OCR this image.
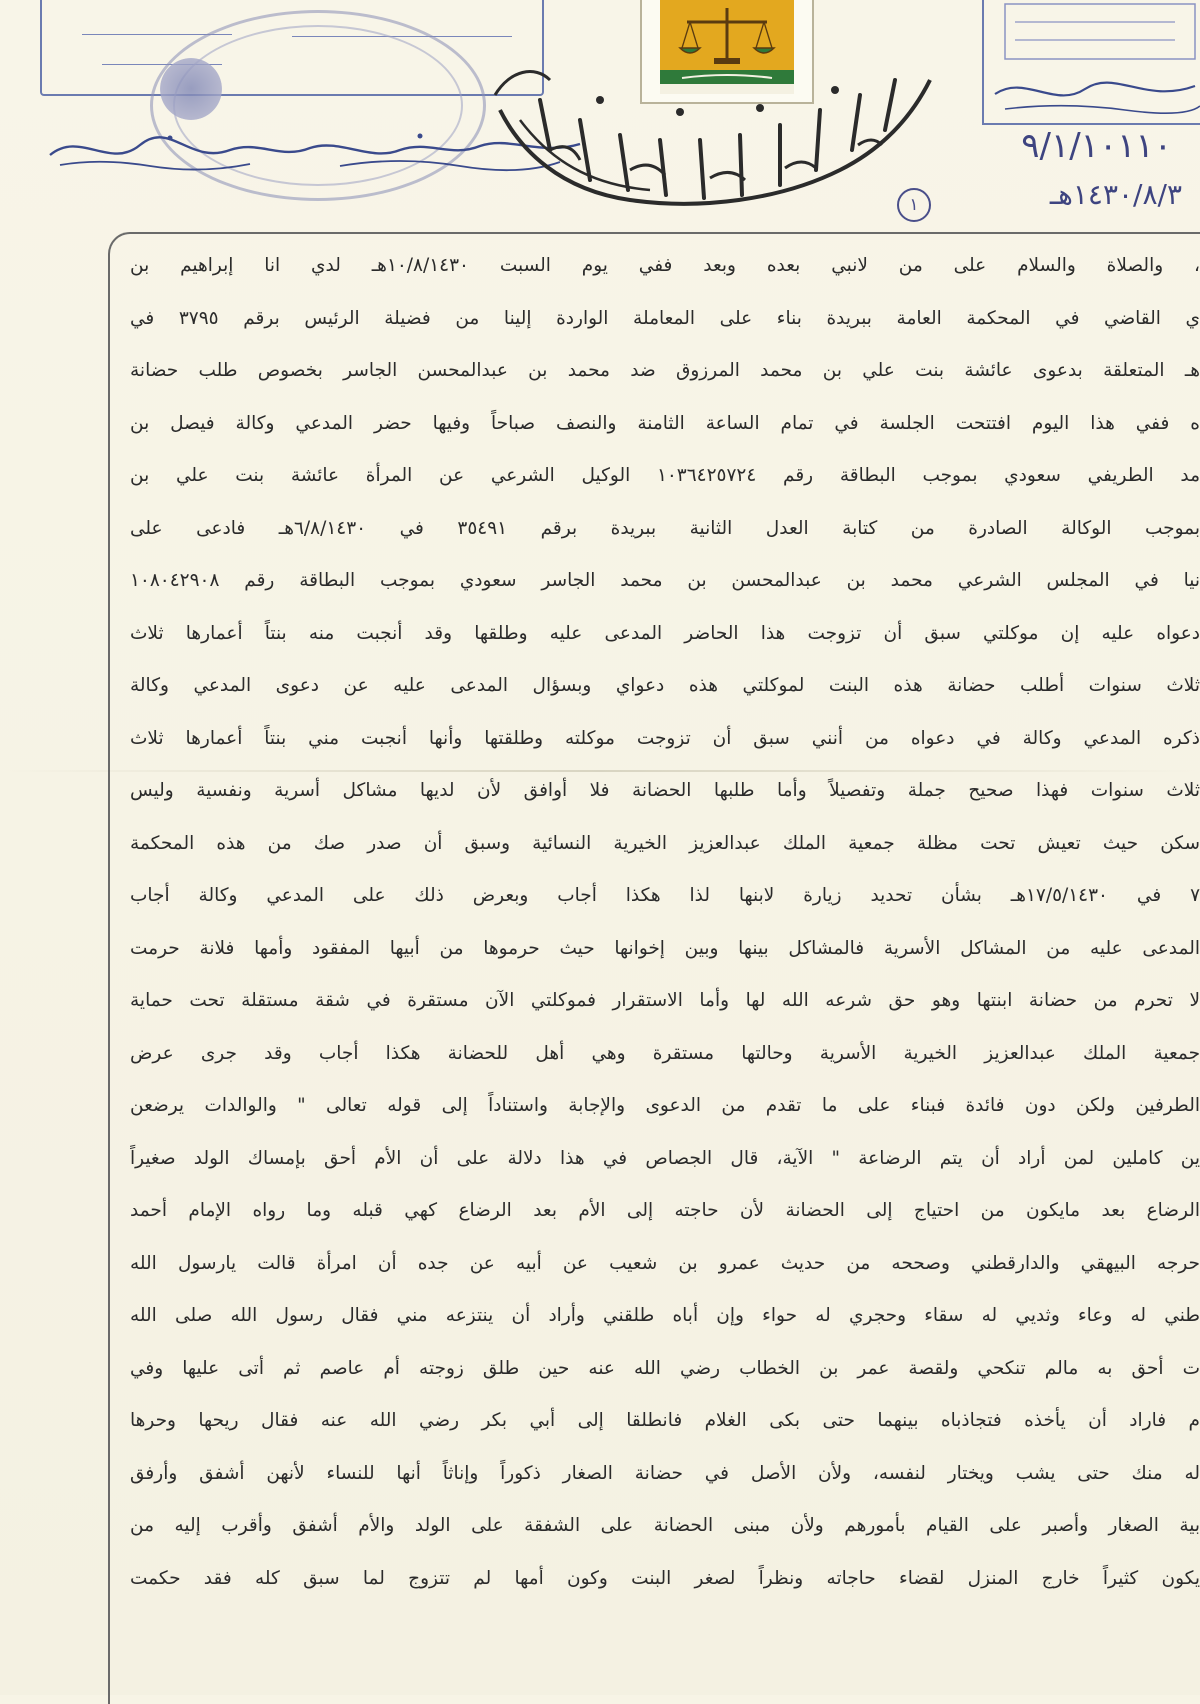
٩/١/١٠١١٠
١٤٣٠/٨/٣هـ
١
، والصلاة والسلام على من لانبي بعده وبعد ففي يوم السبت ١٠/٨/١٤٣٠هـ لدي انا إبراهيم بن
ي القاضي في المحكمة العامة ببريدة بناء على المعاملة الواردة إلينا من فضيلة الرئيس برقم ٣٧٩٥ في
هـ المتعلقة بدعوى عائشة بنت علي بن محمد المرزوق ضد محمد بن عبدالمحسن الجاسر بخصوص طلب حضانة
ه ففي هذا اليوم افتتحت الجلسة في تمام الساعة الثامنة والنصف صباحاً وفيها حضر المدعي وكالة فيصل بن
مد الطريفي سعودي بموجب البطاقة رقم ١٠٣٦٤٢٥٧٢٤ الوكيل الشرعي عن المرأة عائشة بنت علي بن
بموجب الوكالة الصادرة من كتابة العدل الثانية ببريدة برقم ٣٥٤٩١ في ٦/٨/١٤٣٠هـ فادعى على
نيا في المجلس الشرعي محمد بن عبدالمحسن بن محمد الجاسر سعودي بموجب البطاقة رقم ١٠٨٠٤٢٩٠٨
دعواه عليه إن موكلتي سبق أن تزوجت هذا الحاضر المدعى عليه وطلقها وقد أنجبت منه بنتاً أعمارها ثلاث
ثلاث سنوات أطلب حضانة هذه البنت لموكلتي هذه دعواي وبسؤال المدعى عليه عن دعوى المدعي وكالة
ذكره المدعي وكالة في دعواه من أنني سبق أن تزوجت موكلته وطلقتها وأنها أنجبت مني بنتاً أعمارها ثلاث
ثلاث سنوات فهذا صحيح جملة وتفصيلاً وأما طلبها الحضانة فلا أوافق لأن لديها مشاكل أسرية ونفسية وليس
سكن حيث تعيش تحت مظلة جمعية الملك عبدالعزيز الخيرية النسائية وسبق أن صدر صك من هذه المحكمة
٧ في ١٧/٥/١٤٣٠هـ بشأن تحديد زيارة لابنها لذا هكذا أجاب وبعرض ذلك على المدعي وكالة أجاب
المدعى عليه من المشاكل الأسرية فالمشاكل بينها وبين إخوانها حيث حرموها من أبيها المفقود وأمها فلانة حرمت
لا تحرم من حضانة ابنتها وهو حق شرعه الله لها وأما الاستقرار فموكلتي الآن مستقرة في شقة مستقلة تحت حماية
جمعية الملك عبدالعزيز الخيرية الأسرية وحالتها مستقرة وهي أهل للحضانة هكذا أجاب وقد جرى عرض
الطرفين ولكن دون فائدة فبناء على ما تقدم من الدعوى والإجابة واستناداً إلى قوله تعالى " والوالدات يرضعن
ين كاملين لمن أراد أن يتم الرضاعة " الآية، قال الجصاص في هذا دلالة على أن الأم أحق بإمساك الولد صغيراً
الرضاع بعد مايكون من احتياج إلى الحضانة لأن حاجته إلى الأم بعد الرضاع كهي قبله وما رواه الإمام أحمد
حرجه البيهقي والدارقطني وصححه من حديث عمرو بن شعيب عن أبيه عن جده أن امرأة قالت يارسول الله
طني له وعاء وثديي له سقاء وحجري له حواء وإن أباه طلقني وأراد أن ينتزعه مني فقال رسول الله صلى الله
ت أحق به مالم تنكحي ولقصة عمر بن الخطاب رضي الله عنه حين طلق زوجته أم عاصم ثم أتى عليها وفي
م فاراد أن يأخذه فتجاذباه بينهما حتى بكى الغلام فانطلقا إلى أبي بكر رضي الله عنه فقال ريحها وحرها
له منك حتى يشب ويختار لنفسه، ولأن الأصل في حضانة الصغار ذكوراً وإناثاً أنها للنساء لأنهن أشفق وأرفق
بية الصغار وأصبر على القيام بأمورهم ولأن مبنى الحضانة على الشفقة على الولد والأم أشفق وأقرب إليه من
يكون كثيراً خارج المنزل لقضاء حاجاته ونظراً لصغر البنت وكون أمها لم تتزوج لما سبق كله فقد حكمت
